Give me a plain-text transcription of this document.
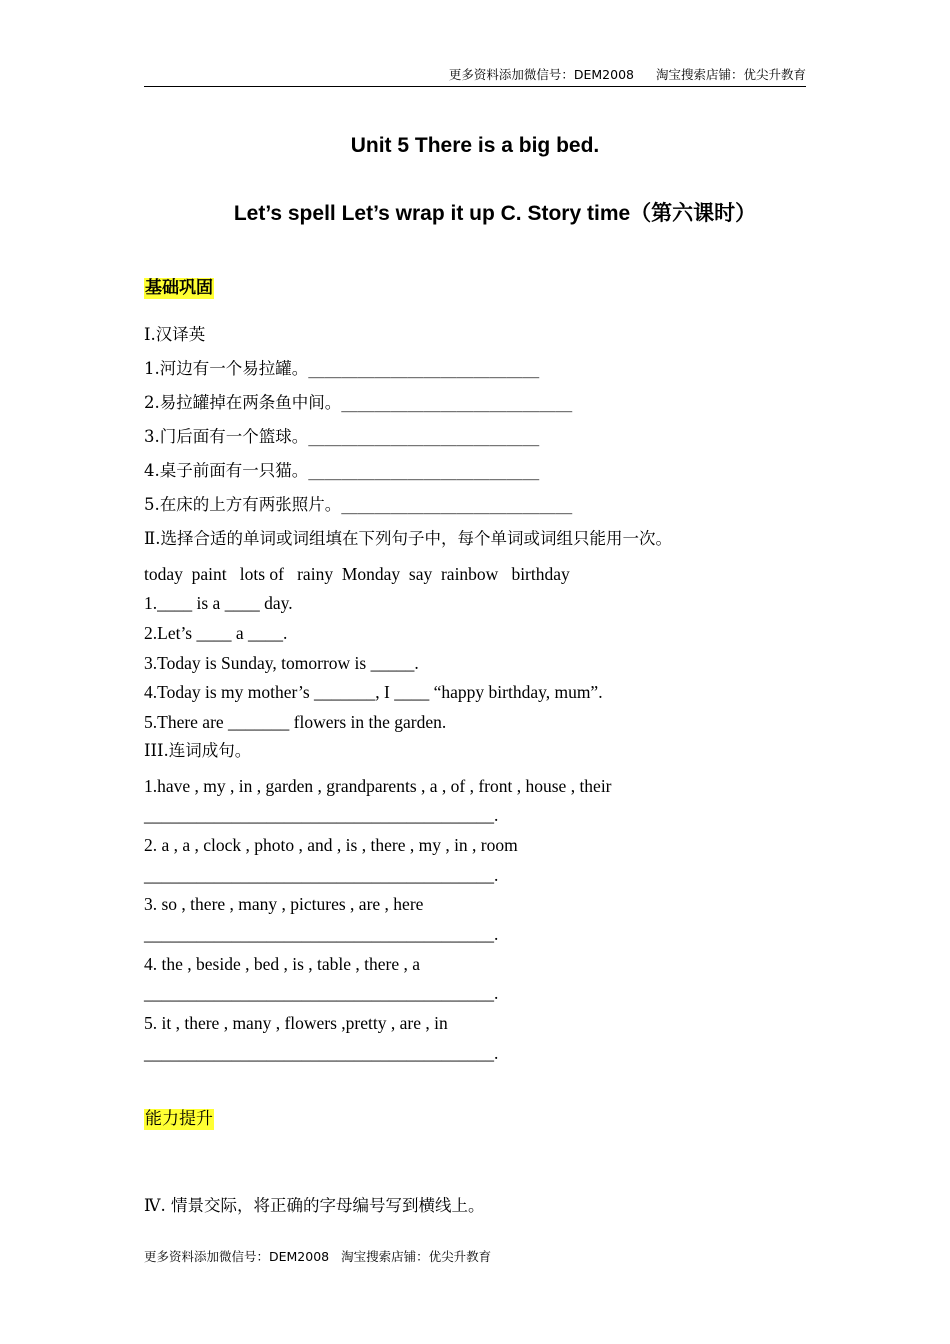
更多资料添加微信号：DEM2008 淘宝搜索店铺：优尖升教育
Unit 5 There is a big bed.
Let’s spell Let’s wrap it up C. Story time（第六课时）
基础巩固
Ⅰ.汉译英
1.河边有一个易拉罐。____________________________
2.易拉罐掉在两条鱼中间。____________________________
3.门后面有一个篮球。____________________________
4.桌子前面有一只猫。____________________________
5.在床的上方有两张照片。____________________________
Ⅱ.选择合适的单词或词组填在下列句子中，每个单词或词组只能用一次。
today  paint   lots of   rainy  Monday  say  rainbow   birthday
1.____ is a ____ day.
2.Let’s ____ a ____.
3.Today is Sunday, tomorrow is _____.
4.Today is my mother’s _______, I ____ “happy birthday, mum”.
5.There are _______ flowers in the garden.
III.连词成句。
1.have , my , in , garden , grandparents , a , of , front , house , their
________________________________________.
2. a , a , clock , photo , and , is , there , my , in , room
________________________________________.
3. so , there , many , pictures , are , here
________________________________________.
4. the , beside , bed , is , table , there , a
________________________________________.
5. it , there , many , flowers ,pretty , are , in
________________________________________.
能力提升
Ⅳ. 情景交际，将正确的字母编号写到横线上。
更多资料添加微信号：DEM2008 淘宝搜索店铺：优尖升教育
